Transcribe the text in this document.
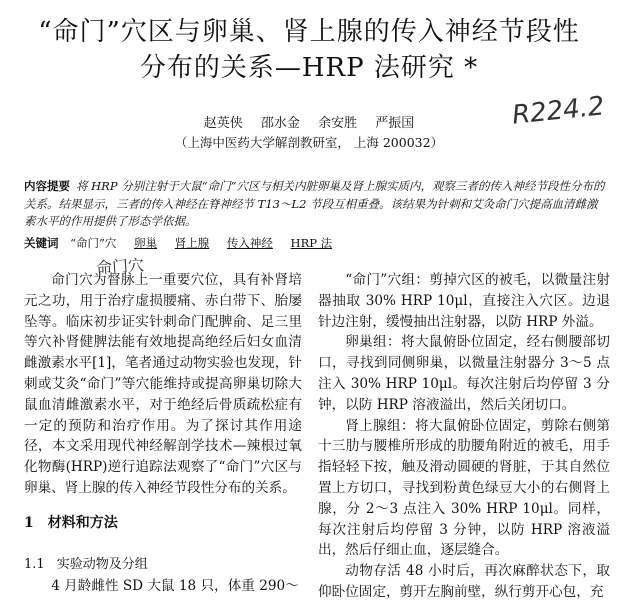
“命门”穴区与卵巢、肾上腺的传入神经节段性
分布的关系—HRP 法研究 *
赵英侠 邵水金 余安胜 严振国	R224.2
（上海中医药大学解剖教研室， 上海 200032）
内容提要 将 HRP 分别注射于大鼠“命门”穴区与相关内脏卵巢及肾上腺实质内，观察三者的传入神经节段性分布的关系。结果显示，三者的传入神经在脊神经节 T13～L2 节段互相重叠。该结果为针刺和艾灸命门穴提高血清雌激素水平的作用提供了形态学依据。
关键词 “命门”穴 卵巢 肾上腺 传入神经 HRP 法
命门穴

命门穴为督脉上一重要穴位，具有补肾培元之功，用于治疗虚损腰痛、赤白带下、胎屡坠等。临床初步证实针刺命门配脾俞、足三里等穴补肾健脾法能有效地提高绝经后妇女血清雌激素水平[1]，笔者通过动物实验也发现，针刺或艾灸“命门”等穴能维持或提高卵巢切除大鼠血清雌激素水平，对于绝经后骨质疏松症有一定的预防和治疗作用。为了探讨其作用途径，本文采用现代神经解剖学技术—辣根过氧化物酶(HRP)逆行追踪法观察了“命门”穴区与卵巢、肾上腺的传入神经节段性分布的关系。

1 材料和方法
1.1 实验动物及分组
4 月龄雌性 SD 大鼠 18 只，体重 290～

“命门”穴组：剪掉穴区的被毛，以微量注射器抽取 30% HRP 10μl，直接注入穴区。边退针边注射，缓慢抽出注射器，以防 HRP 外溢。

卵巢组：将大鼠俯卧位固定，经右侧腰部切口，寻找到同侧卵巢，以微量注射器分 3～5 点注入 30% HRP 10μl。每次注射后均停留 3 分钟，以防 HRP 溶液溢出，然后关闭切口。

肾上腺组：将大鼠俯卧位固定，剪除右侧第十三肋与腰椎所形成的肋腰角附近的被毛，用手指轻轻下按，触及滑动圆硬的肾脏，于其自然位置上方切口，寻找到粉黄色绿豆大小的右侧肾上腺，分 2～3 点注入 30% HRP 10μl。同样，每次注射后均停留 3 分钟，以防 HRP 溶液溢出，然后仔细止血，逐层缝合。

动物存活 48 小时后，再次麻醉状态下，取仰卧位固定，剪开左胸前壁，纵行剪开心包，充
